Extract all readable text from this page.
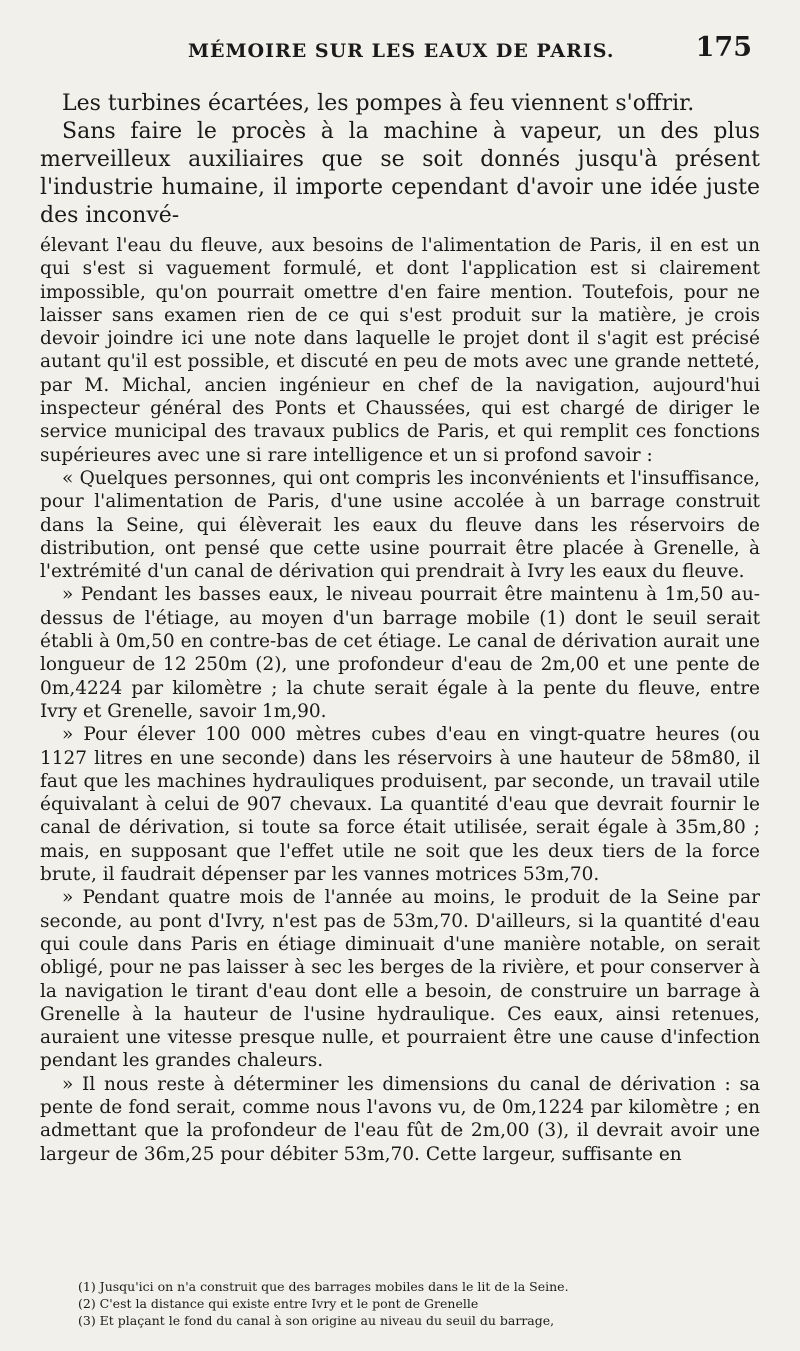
MÉMOIRE SUR LES EAUX DE PARIS.	175

Les turbines écartées, les pompes à feu viennent s'offrir.

Sans faire le procès à la machine à vapeur, un des plus merveilleux auxiliaires que se soit donnés jusqu'à présent l'industrie humaine, il importe cependant d'avoir une idée juste des inconvé-

élevant l'eau du fleuve, aux besoins de l'alimentation de Paris, il en est un qui s'est si vaguement formulé, et dont l'application est si clairement impossible, qu'on pourrait omettre d'en faire mention. Toutefois, pour ne laisser sans examen rien de ce qui s'est produit sur la matière, je crois devoir joindre ici une note dans laquelle le projet dont il s'agit est précisé autant qu'il est possible, et discuté en peu de mots avec une grande netteté, par M. Michal, ancien ingénieur en chef de la navigation, aujourd'hui inspecteur général des Ponts et Chaussées, qui est chargé de diriger le service municipal des travaux publics de Paris, et qui remplit ces fonctions supérieures avec une si rare intelligence et un si profond savoir :

« Quelques personnes, qui ont compris les inconvénients et l'insuffisance, pour l'alimentation de Paris, d'une usine accolée à un barrage construit dans la Seine, qui élèverait les eaux du fleuve dans les réservoirs de distribution, ont pensé que cette usine pourrait être placée à Grenelle, à l'extrémité d'un canal de dérivation qui prendrait à Ivry les eaux du fleuve.

» Pendant les basses eaux, le niveau pourrait être maintenu à 1m,50 au-dessus de l'étiage, au moyen d'un barrage mobile (1) dont le seuil serait établi à 0m,50 en contre-bas de cet étiage. Le canal de dérivation aurait une longueur de 12 250m (2), une profondeur d'eau de 2m,00 et une pente de 0m,4224 par kilomètre ; la chute serait égale à la pente du fleuve, entre Ivry et Grenelle, savoir 1m,90.

» Pour élever 100 000 mètres cubes d'eau en vingt-quatre heures (ou 1127 litres en une seconde) dans les réservoirs à une hauteur de 58m80, il faut que les machines hydrauliques produisent, par seconde, un travail utile équivalant à celui de 907 chevaux. La quantité d'eau que devrait fournir le canal de dérivation, si toute sa force était utilisée, serait égale à 35m,80 ; mais, en supposant que l'effet utile ne soit que les deux tiers de la force brute, il faudrait dépenser par les vannes motrices 53m,70.

» Pendant quatre mois de l'année au moins, le produit de la Seine par seconde, au pont d'Ivry, n'est pas de 53m,70. D'ailleurs, si la quantité d'eau qui coule dans Paris en étiage diminuait d'une manière notable, on serait obligé, pour ne pas laisser à sec les berges de la rivière, et pour conserver à la navigation le tirant d'eau dont elle a besoin, de construire un barrage à Grenelle à la hauteur de l'usine hydraulique. Ces eaux, ainsi retenues, auraient une vitesse presque nulle, et pourraient être une cause d'infection pendant les grandes chaleurs.

» Il nous reste à déterminer les dimensions du canal de dérivation : sa pente de fond serait, comme nous l'avons vu, de 0m,1224 par kilomètre ; en admettant que la profondeur de l'eau fût de 2m,00 (3), il devrait avoir une largeur de 36m,25 pour débiter 53m,70. Cette largeur, suffisante en

(1) Jusqu'ici on n'a construit que des barrages mobiles dans le lit de la Seine.

(2) C'est la distance qui existe entre Ivry et le pont de Grenelle

(3) Et plaçant le fond du canal à son origine au niveau du seuil du barrage,
